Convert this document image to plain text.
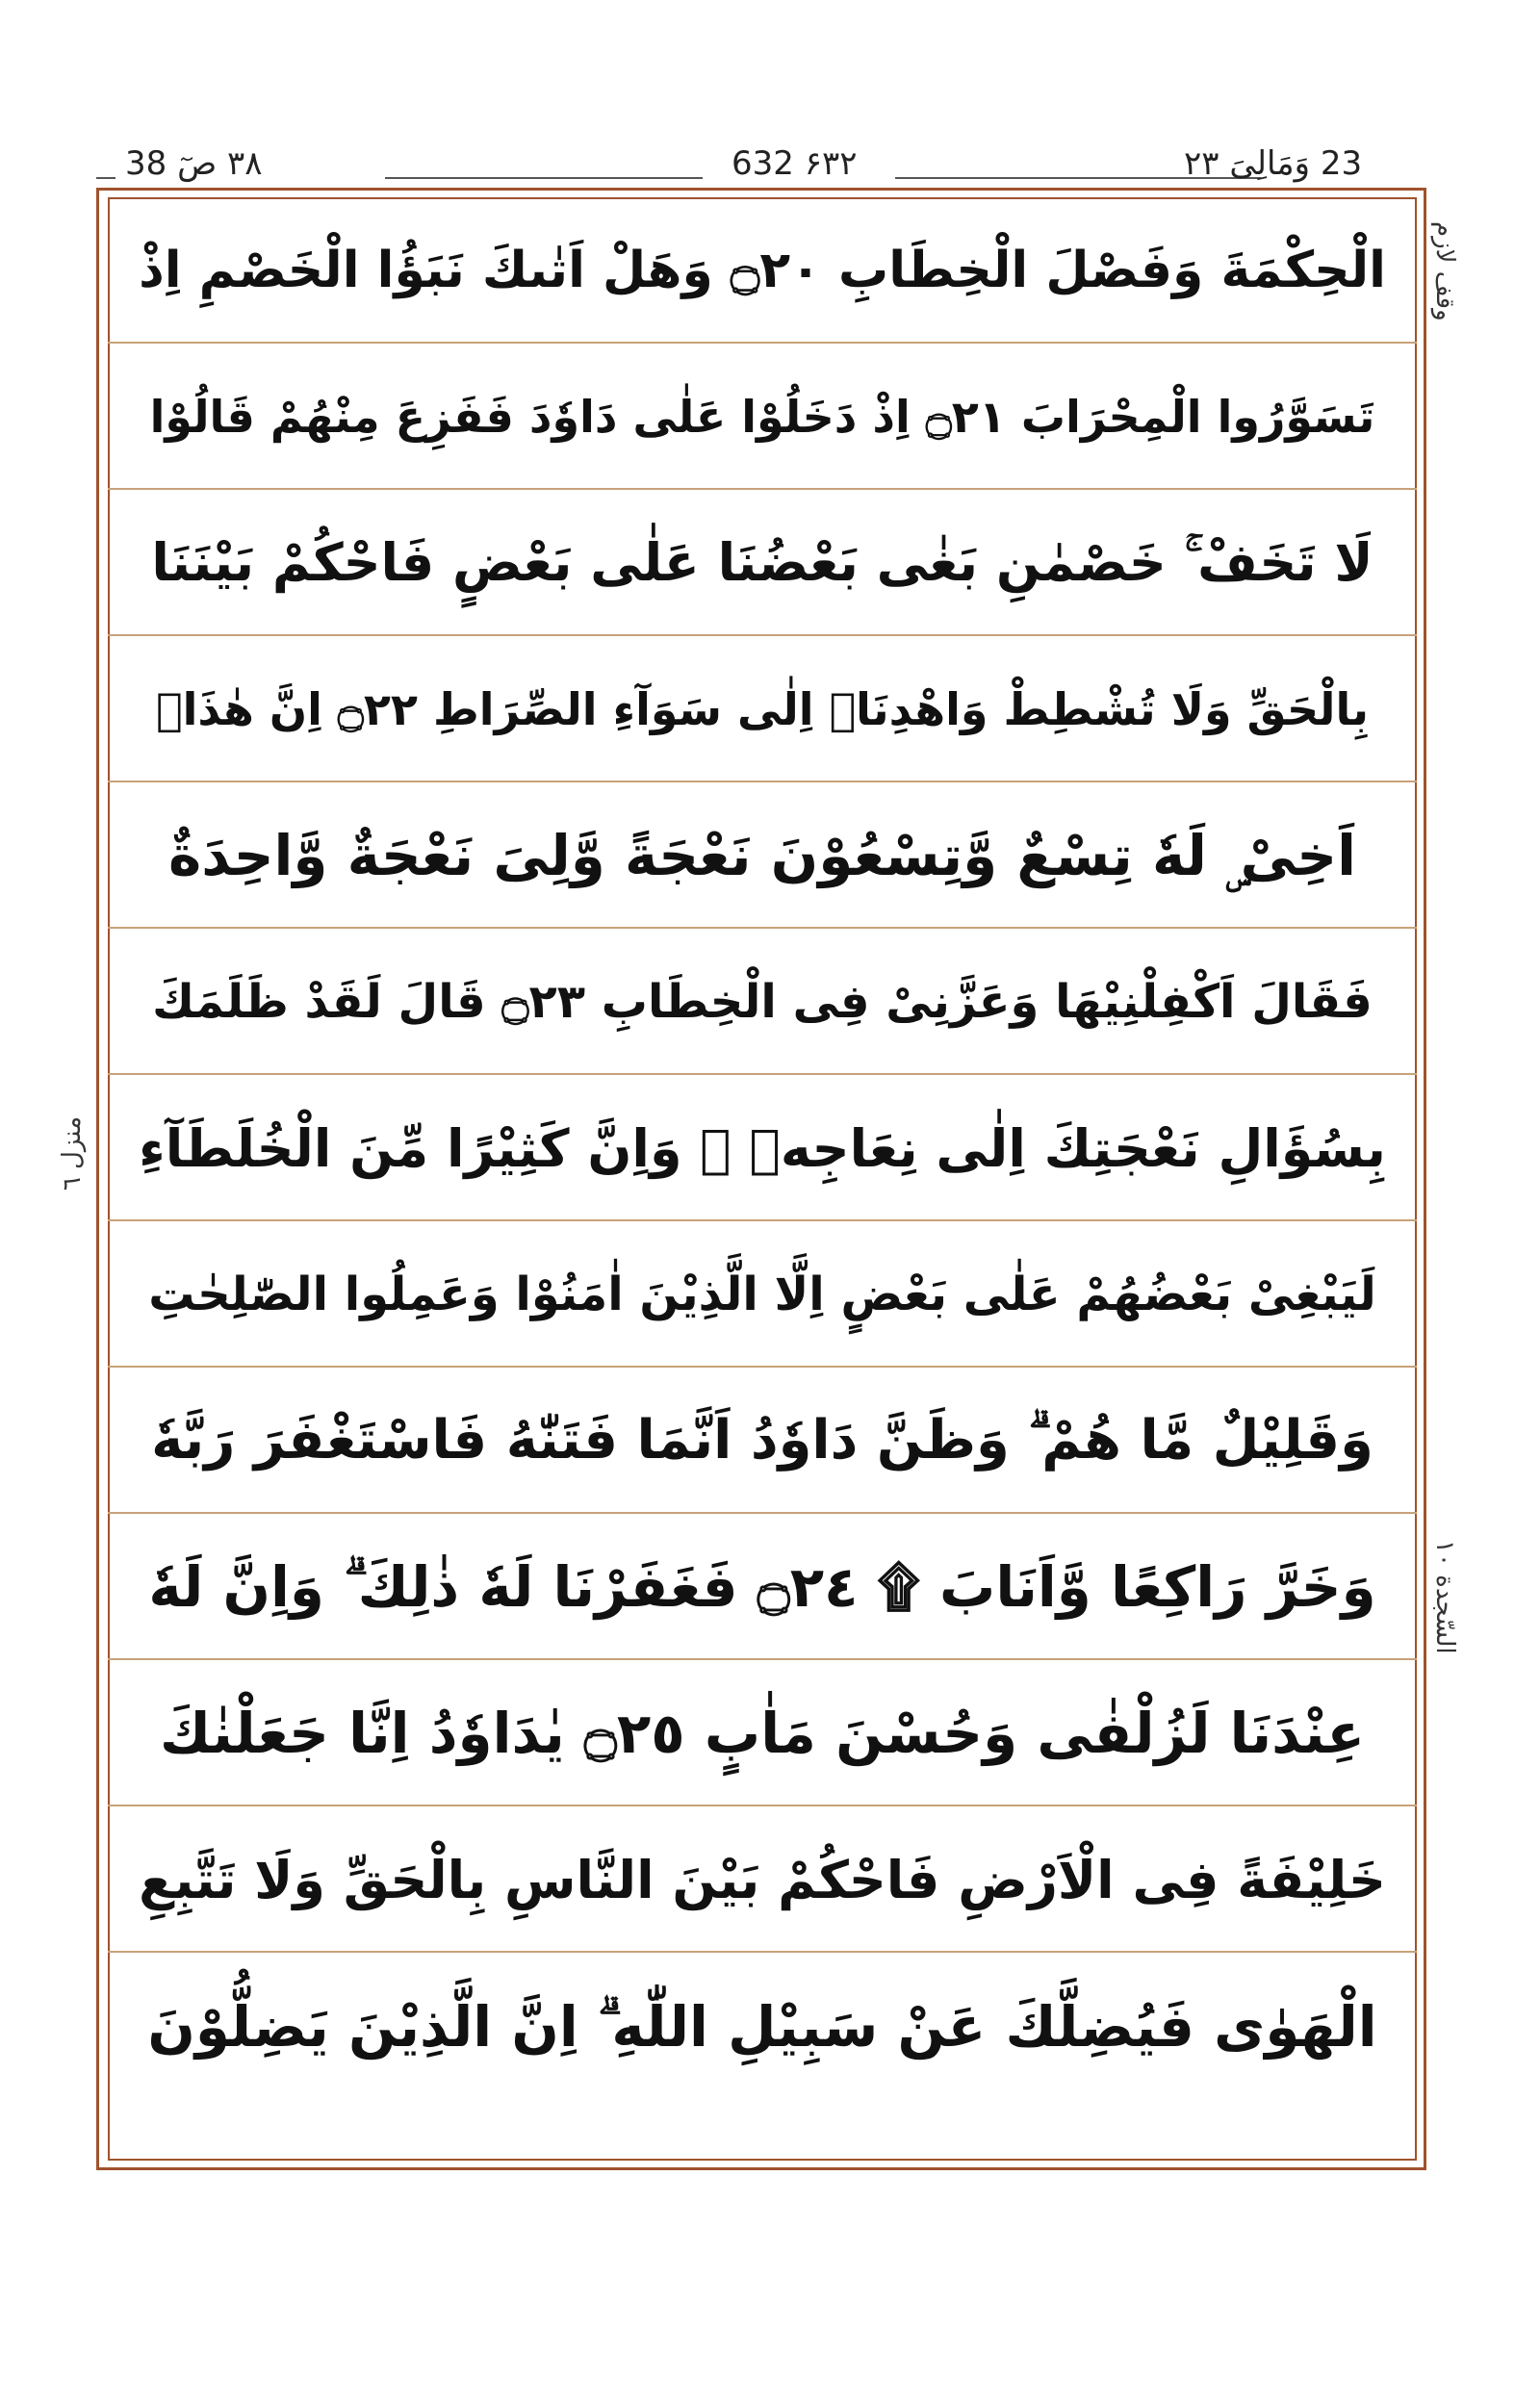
۳۸ صٓ 38	۶۳۲ 632	23 وَمَالِیَ ۲۳
وقف لازم
السّجدة ١٠
منزل ٦
الْحِكْمَةَ وَفَصْلَ الْخِطَابِ ۝٢٠ وَهَلْ اَتٰىكَ نَبَؤُا الْخَصْمِ اِذْ
تَسَوَّرُوا الْمِحْرَابَ ۝٢١ اِذْ دَخَلُوْا عَلٰى دَاوٗدَ فَفَزِعَ مِنْهُمْ قَالُوْا
لَا تَخَفْ ۚ خَصْمٰنِ بَغٰى بَعْضُنَا عَلٰى بَعْضٍ فَاحْكُمْ بَيْنَنَا
بِالْحَقِّ وَلَا تُشْطِطْ وَاهْدِنَاۤ اِلٰى سَوَآءِ الصِّرَاطِ ۝٢٢ اِنَّ هٰذَاۤ
اَخِیْ ۣ لَهٗ تِسْعٌ وَّتِسْعُوْنَ نَعْجَةً وَّلِیَ نَعْجَةٌ وَّاحِدَةٌ
فَقَالَ اَكْفِلْنِيْهَا وَعَزَّنِیْ فِی الْخِطَابِ ۝٢٣ قَالَ لَقَدْ ظَلَمَكَ
بِسُؤَالِ نَعْجَتِكَ اِلٰى نِعَاجِهٖ ۗ وَاِنَّ كَثِيْرًا مِّنَ الْخُلَطَآءِ
لَيَبْغِیْ بَعْضُهُمْ عَلٰى بَعْضٍ اِلَّا الَّذِيْنَ اٰمَنُوْا وَعَمِلُوا الصّٰلِحٰتِ
وَقَلِيْلٌ مَّا هُمْ ۗ وَظَنَّ دَاوٗدُ اَنَّمَا فَتَنّٰهُ فَاسْتَغْفَرَ رَبَّهٗ
وَخَرَّ رَاكِعًا وَّاَنَابَ ۩ ۝٢٤ فَغَفَرْنَا لَهٗ ذٰلِكَ ۗ وَاِنَّ لَهٗ
عِنْدَنَا لَزُلْفٰى وَحُسْنَ مَاٰبٍ ۝٢٥ يٰدَاوٗدُ اِنَّا جَعَلْنٰكَ
خَلِيْفَةً فِی الْاَرْضِ فَاحْكُمْ بَيْنَ النَّاسِ بِالْحَقِّ وَلَا تَتَّبِعِ
الْهَوٰى فَيُضِلَّكَ عَنْ سَبِيْلِ اللّٰهِ ۗ اِنَّ الَّذِيْنَ يَضِلُّوْنَ
